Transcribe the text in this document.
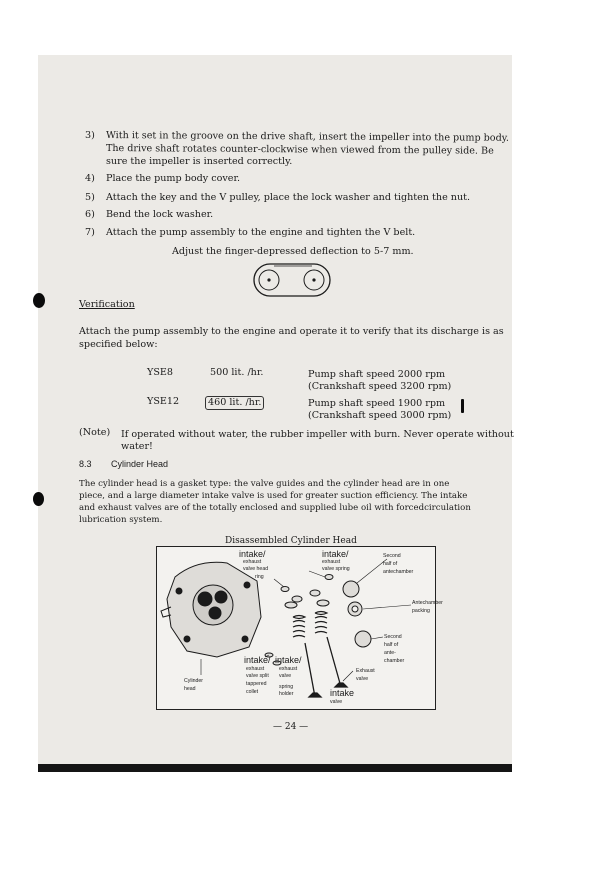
3) With it set in the groove on the drive shaft, insert the impeller into the pump body.
The drive shaft rotates counter-clockwise when viewed from the pulley side. Be
sure the impeller is inserted correctly.
4) Place the pump body cover.
5) Attach the key and the V pulley, place the lock washer and tighten the nut.
6) Bend the lock washer.
7) Attach the pump assembly to the engine and tighten the V belt.
Adjust the finger-depressed deflection to 5-7 mm.
Verification
Attach the pump assembly to the engine and operate it to verify that its discharge is as
specified below:
YSE8	500 lit. /hr.	Pump shaft speed 2000 rpm
(Crankshaft speed 3200 rpm)
YSE12	460 lit. /hr.	Pump shaft speed 1900 rpm
(Crankshaft speed 3000 rpm)
(Note) If operated without water, the rubber impeller with burn. Never operate without
water!
8.3 Cylinder Head
The cylinder head is a gasket type: the valve guides and the cylinder head are in one
piece, and a large diameter intake valve is used for greater suction efficiency. The intake
and exhaust valves are of the totally enclosed and supplied lube oil with forcedcirculation
lubrication system.
Disassembled Cylinder Head
intake/
exhaust
valve head
ring
intake/
exhaust
valve spring
Second
half of
antechamber
Antechamber
packing
Second
half of
ante-
chamber
Exhaust
valve
intake
valve
intake/
exhaust
valve
spring
holder
intake/
exhaust
valve split
tappered
collet
Cylinder
head
— 24 —
